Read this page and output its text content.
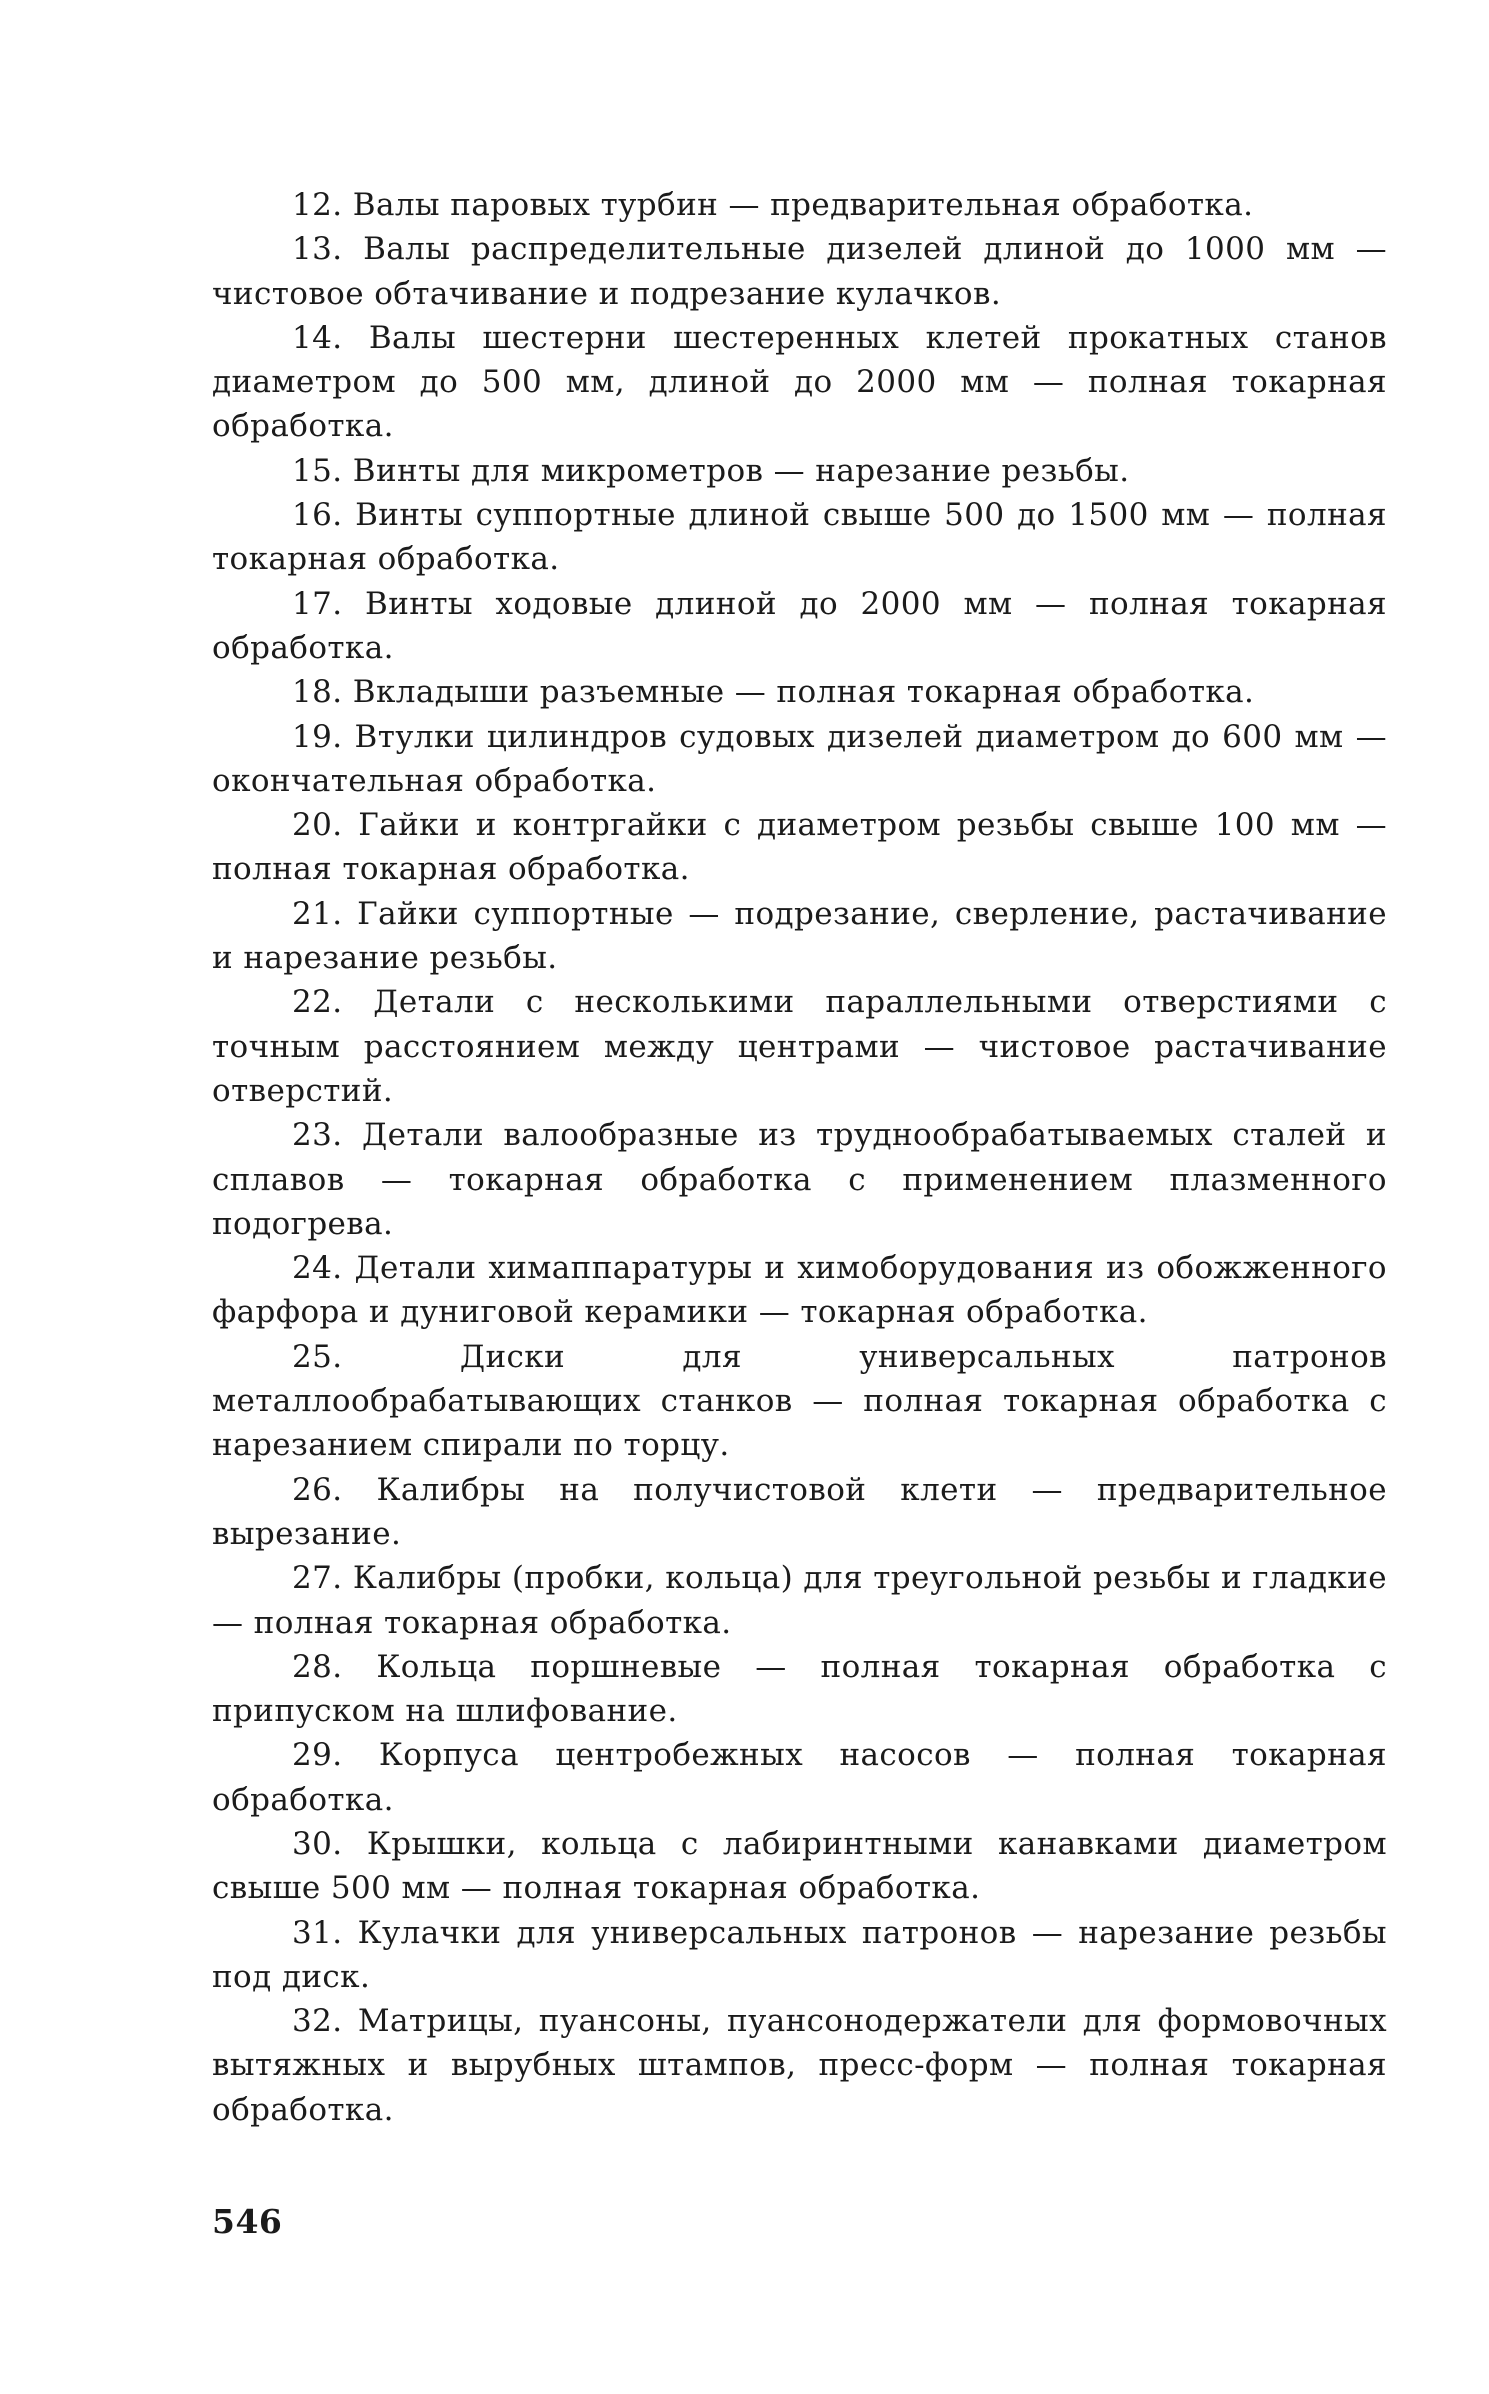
12. Валы паровых турбин — предварительная обработка.

13. Валы распределительные дизелей длиной до 1000 мм — чистовое обтачивание и подрезание кулачков.

14. Валы шестерни шестеренных клетей прокатных станов диаметром до 500 мм, длиной до 2000 мм — полная токарная обработка.

15. Винты для микрометров — нарезание резьбы.

16. Винты суппортные длиной свыше 500 до 1500 мм — полная токарная обработка.

17. Винты ходовые длиной до 2000 мм — полная токарная обработка.

18. Вкладыши разъемные — полная токарная обработка.

19. Втулки цилиндров судовых дизелей диаметром до 600 мм — окончательная обработка.

20. Гайки и контргайки с диаметром резьбы свыше 100 мм — полная токарная обработка.

21. Гайки суппортные — подрезание, сверление, растачивание и нарезание резьбы.

22. Детали с несколькими параллельными отверстиями с точным расстоянием между центрами — чистовое растачивание отверстий.

23. Детали валообразные из труднообрабатываемых сталей и сплавов — токарная обработка с применением плазменного подогрева.

24. Детали химаппаратуры и химоборудования из обожженного фарфора и дуниговой керамики — токарная обработка.

25.	Диски для универсальных патронов металлообрабатывающих станков — полная токарная обработка с нарезанием спирали по торцу.

26. Калибры на получистовой клети — предварительное вырезание.

27. Калибры (пробки, кольца) для треугольной резьбы и гладкие — полная токарная обработка.

28. Кольца поршневые — полная токарная обработка с припуском на шлифование.

29. Корпуса центробежных насосов — полная токарная обработка.

30. Крышки, кольца с лабиринтными канавками диаметром свыше 500 мм — полная токарная обработка.

31. Кулачки для универсальных патронов — нарезание резьбы под диск.

32. Матрицы, пуансоны, пуансонодержатели для формовочных вытяжных и вырубных штампов, пресс-форм — полная токарная обработка.

546
